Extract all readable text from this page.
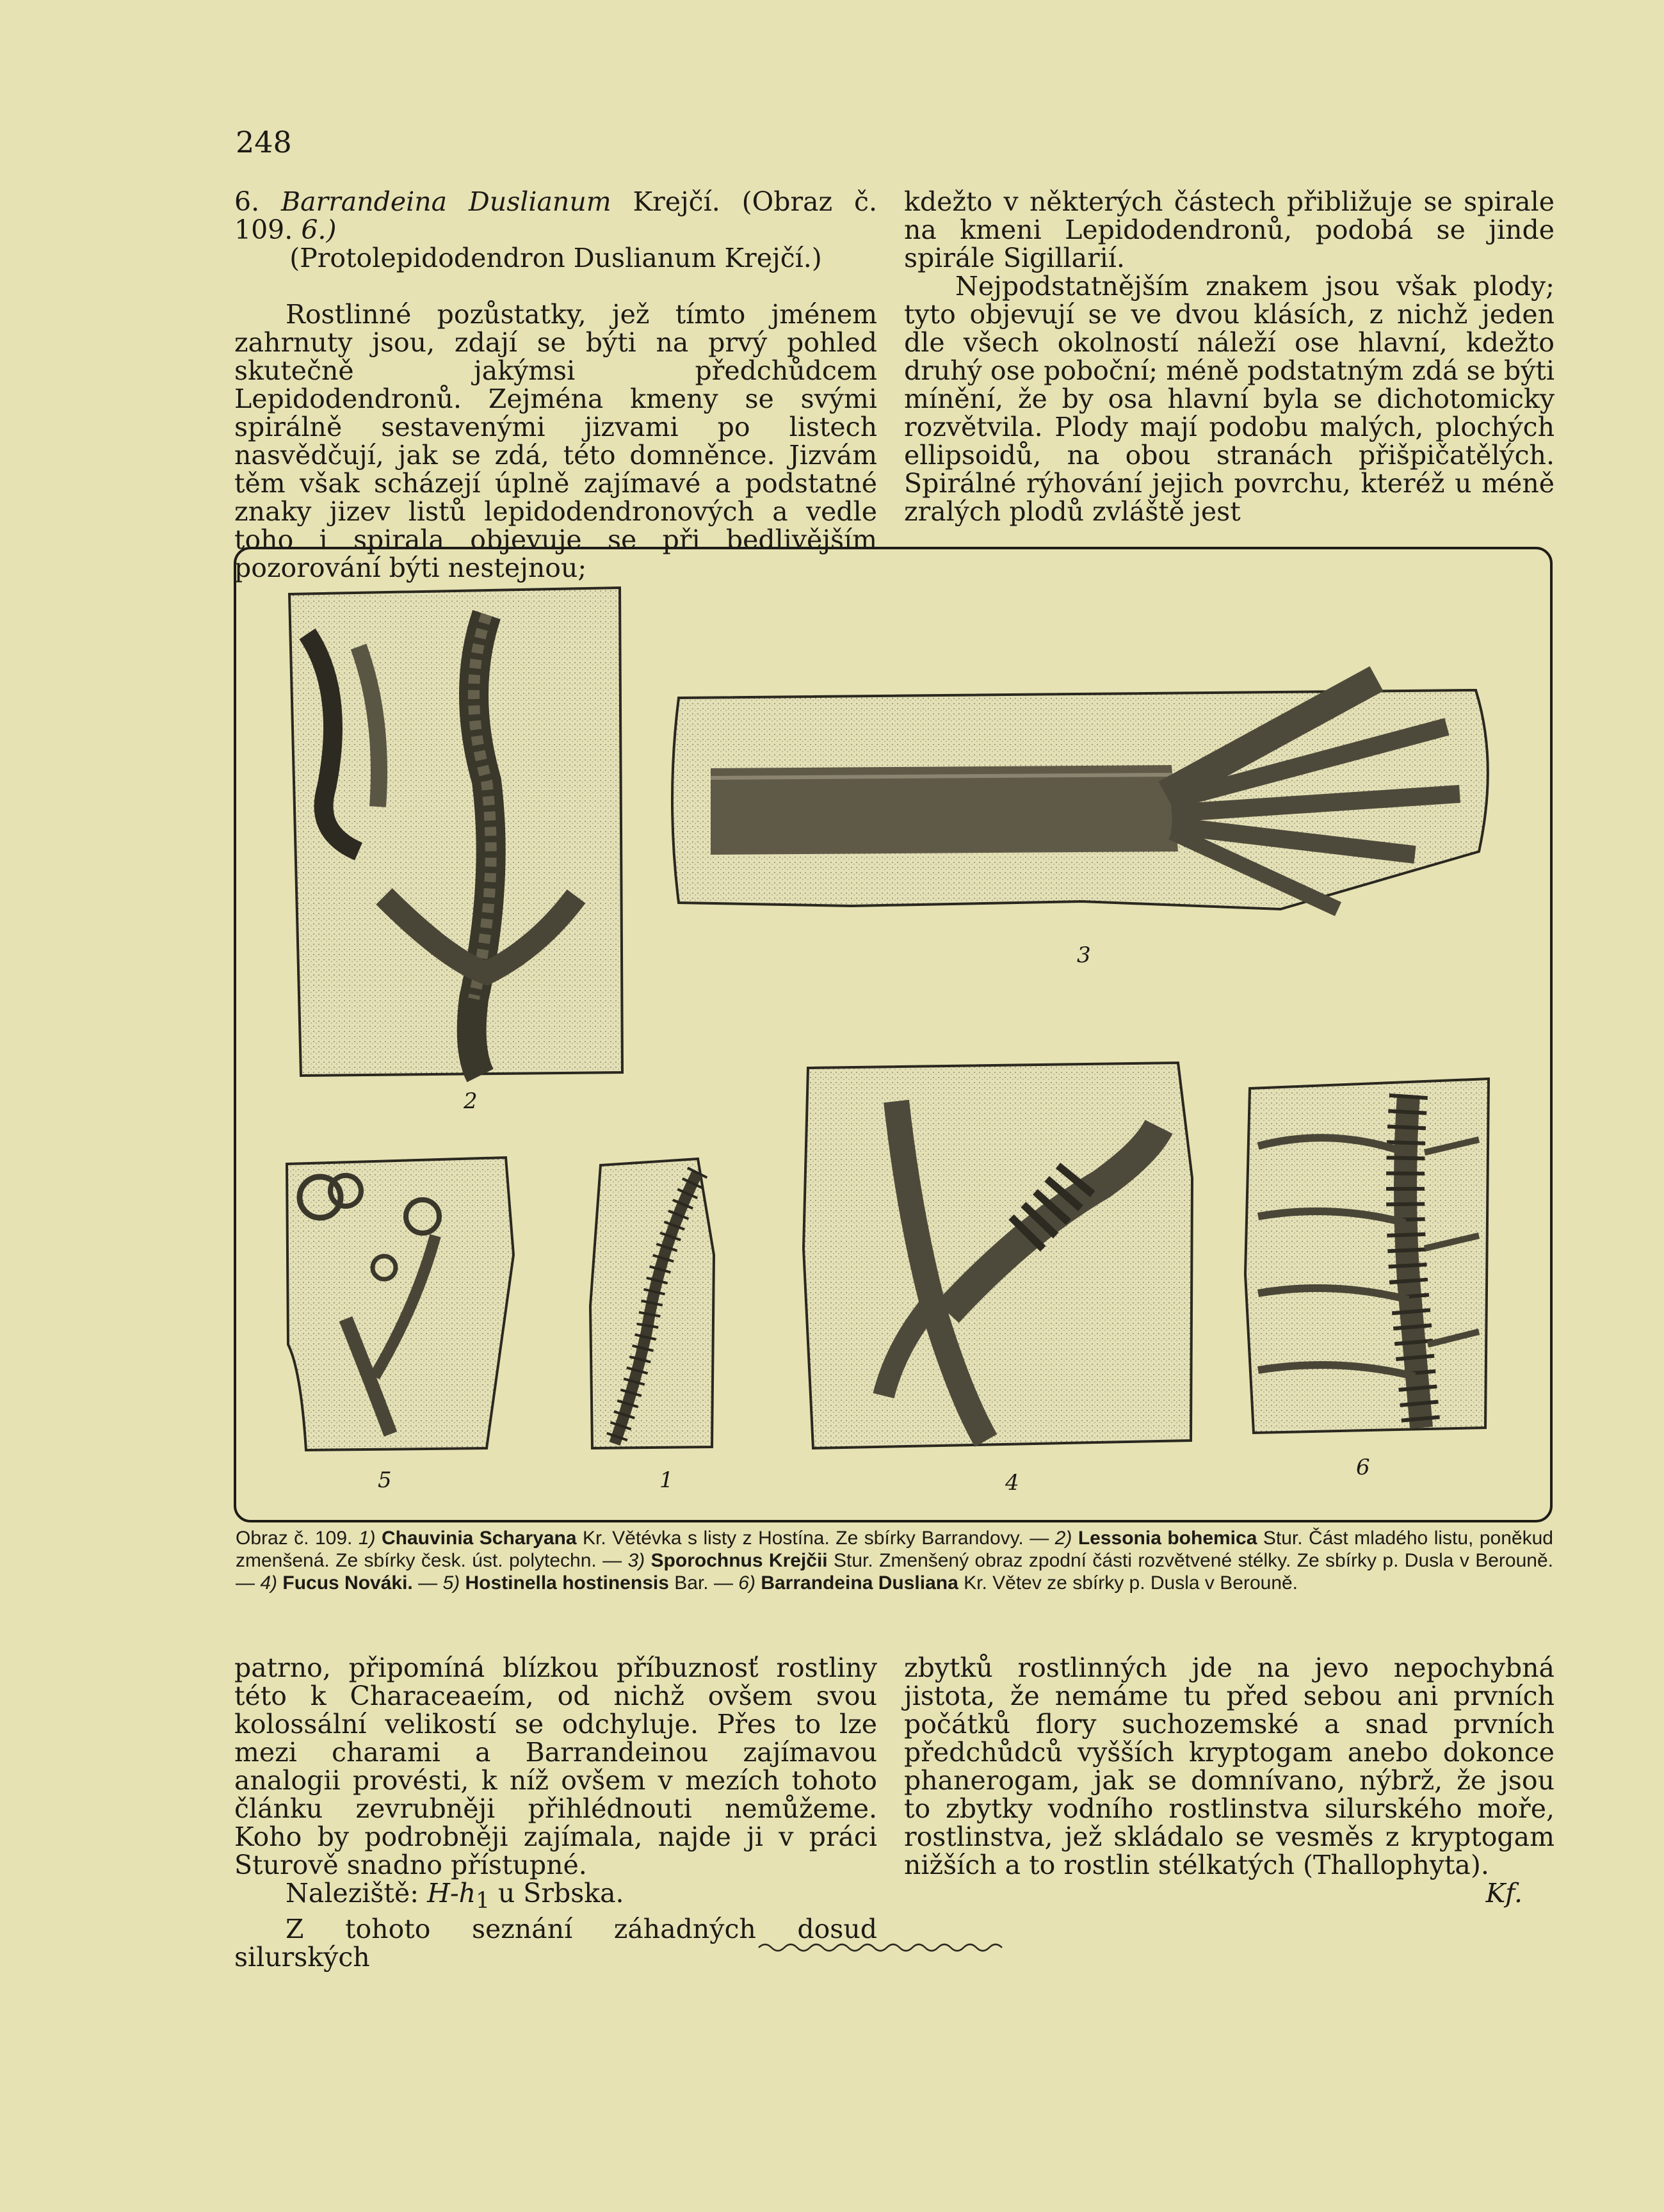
248

6. Barrandeina Duslianum Krejčí. (Obraz č. 109. 6.)

(Protolepidodendron Duslianum Krejčí.)

Rostlinné pozůstatky, jež tímto jménem zahrnuty jsou, zdají se býti na prvý pohled skutečně jakýmsi předchůdcem Lepidodendronů. Zejména kmeny se svými spirálně sestavenými jizvami po listech nasvědčují, jak se zdá, této domněnce. Jizvám těm však scházejí úplně zajímavé a podstatné znaky jizev listů lepidodendronových a vedle toho i spirala objevuje se při bedlivějším pozorování býti nestejnou;

kdežto v některých částech přibližuje se spirale na kmeni Lepidodendronů, podobá se jinde spirále Sigillarií.

Nejpodstatnějším znakem jsou však plody; tyto objevují se ve dvou klásích, z nichž jeden dle všech okolností náleží ose hlavní, kdežto druhý ose poboční; méně podstatným zdá se býti mínění, že by osa hlavní byla se dichotomicky rozvětvila. Plody mají podobu malých, plochých ellipsoidů, na obou stranách přišpičatělých. Spirálné rýhování jejich povrchu, kteréž u méně zralých plodů zvláště jest

2
3
5	1	4
6

Obraz č. 109. 1) Chauvinia Scharyana Kr. Větévka s listy z Hostína. Ze sbírky Barrandovy. — 2) Lessonia bohemica Stur. Část mladého listu, poněkud zmenšená. Ze sbírky česk. úst. polytechn. — 3) Sporochnus Krejčii Stur. Zmenšený obraz zpodní části rozvětvené stélky. Ze sbírky p. Dusla v Berouně. — 4) Fucus Nováki. — 5) Hostinella hostinensis Bar. — 6) Barrandeina Dusliana Kr. Větev ze sbírky p. Dusla v Berouně.

patrno, připomíná blízkou příbuznosť rostliny této k Characeaeím, od nichž ovšem svou kolossální velikostí se odchyluje. Přes to lze mezi charami a Barrandeinou zajímavou analogii provésti, k níž ovšem v mezích tohoto článku zevrubněji přihlédnouti nemůžeme. Koho by podrobněji zajímala, najde ji v práci Sturově snadno přístupné.

Naleziště: $H-h_1$ u Srbska.

Z tohoto seznání záhadných dosud silurských

zbytků rostlinných jde na jevo nepochybná jistota, že nemáme tu před sebou ani prvních počátků flory suchozemské a snad prvních předchůdců vyšších kryptogam anebo dokonce phanerogam, jak se domnívano, nýbrž, že jsou to zbytky vodního rostlinstva silurského moře, rostlinstva, jež skládalo se vesměs z kryptogam nižších a to rostlin stélkatých (Thallophyta).

Kf.
